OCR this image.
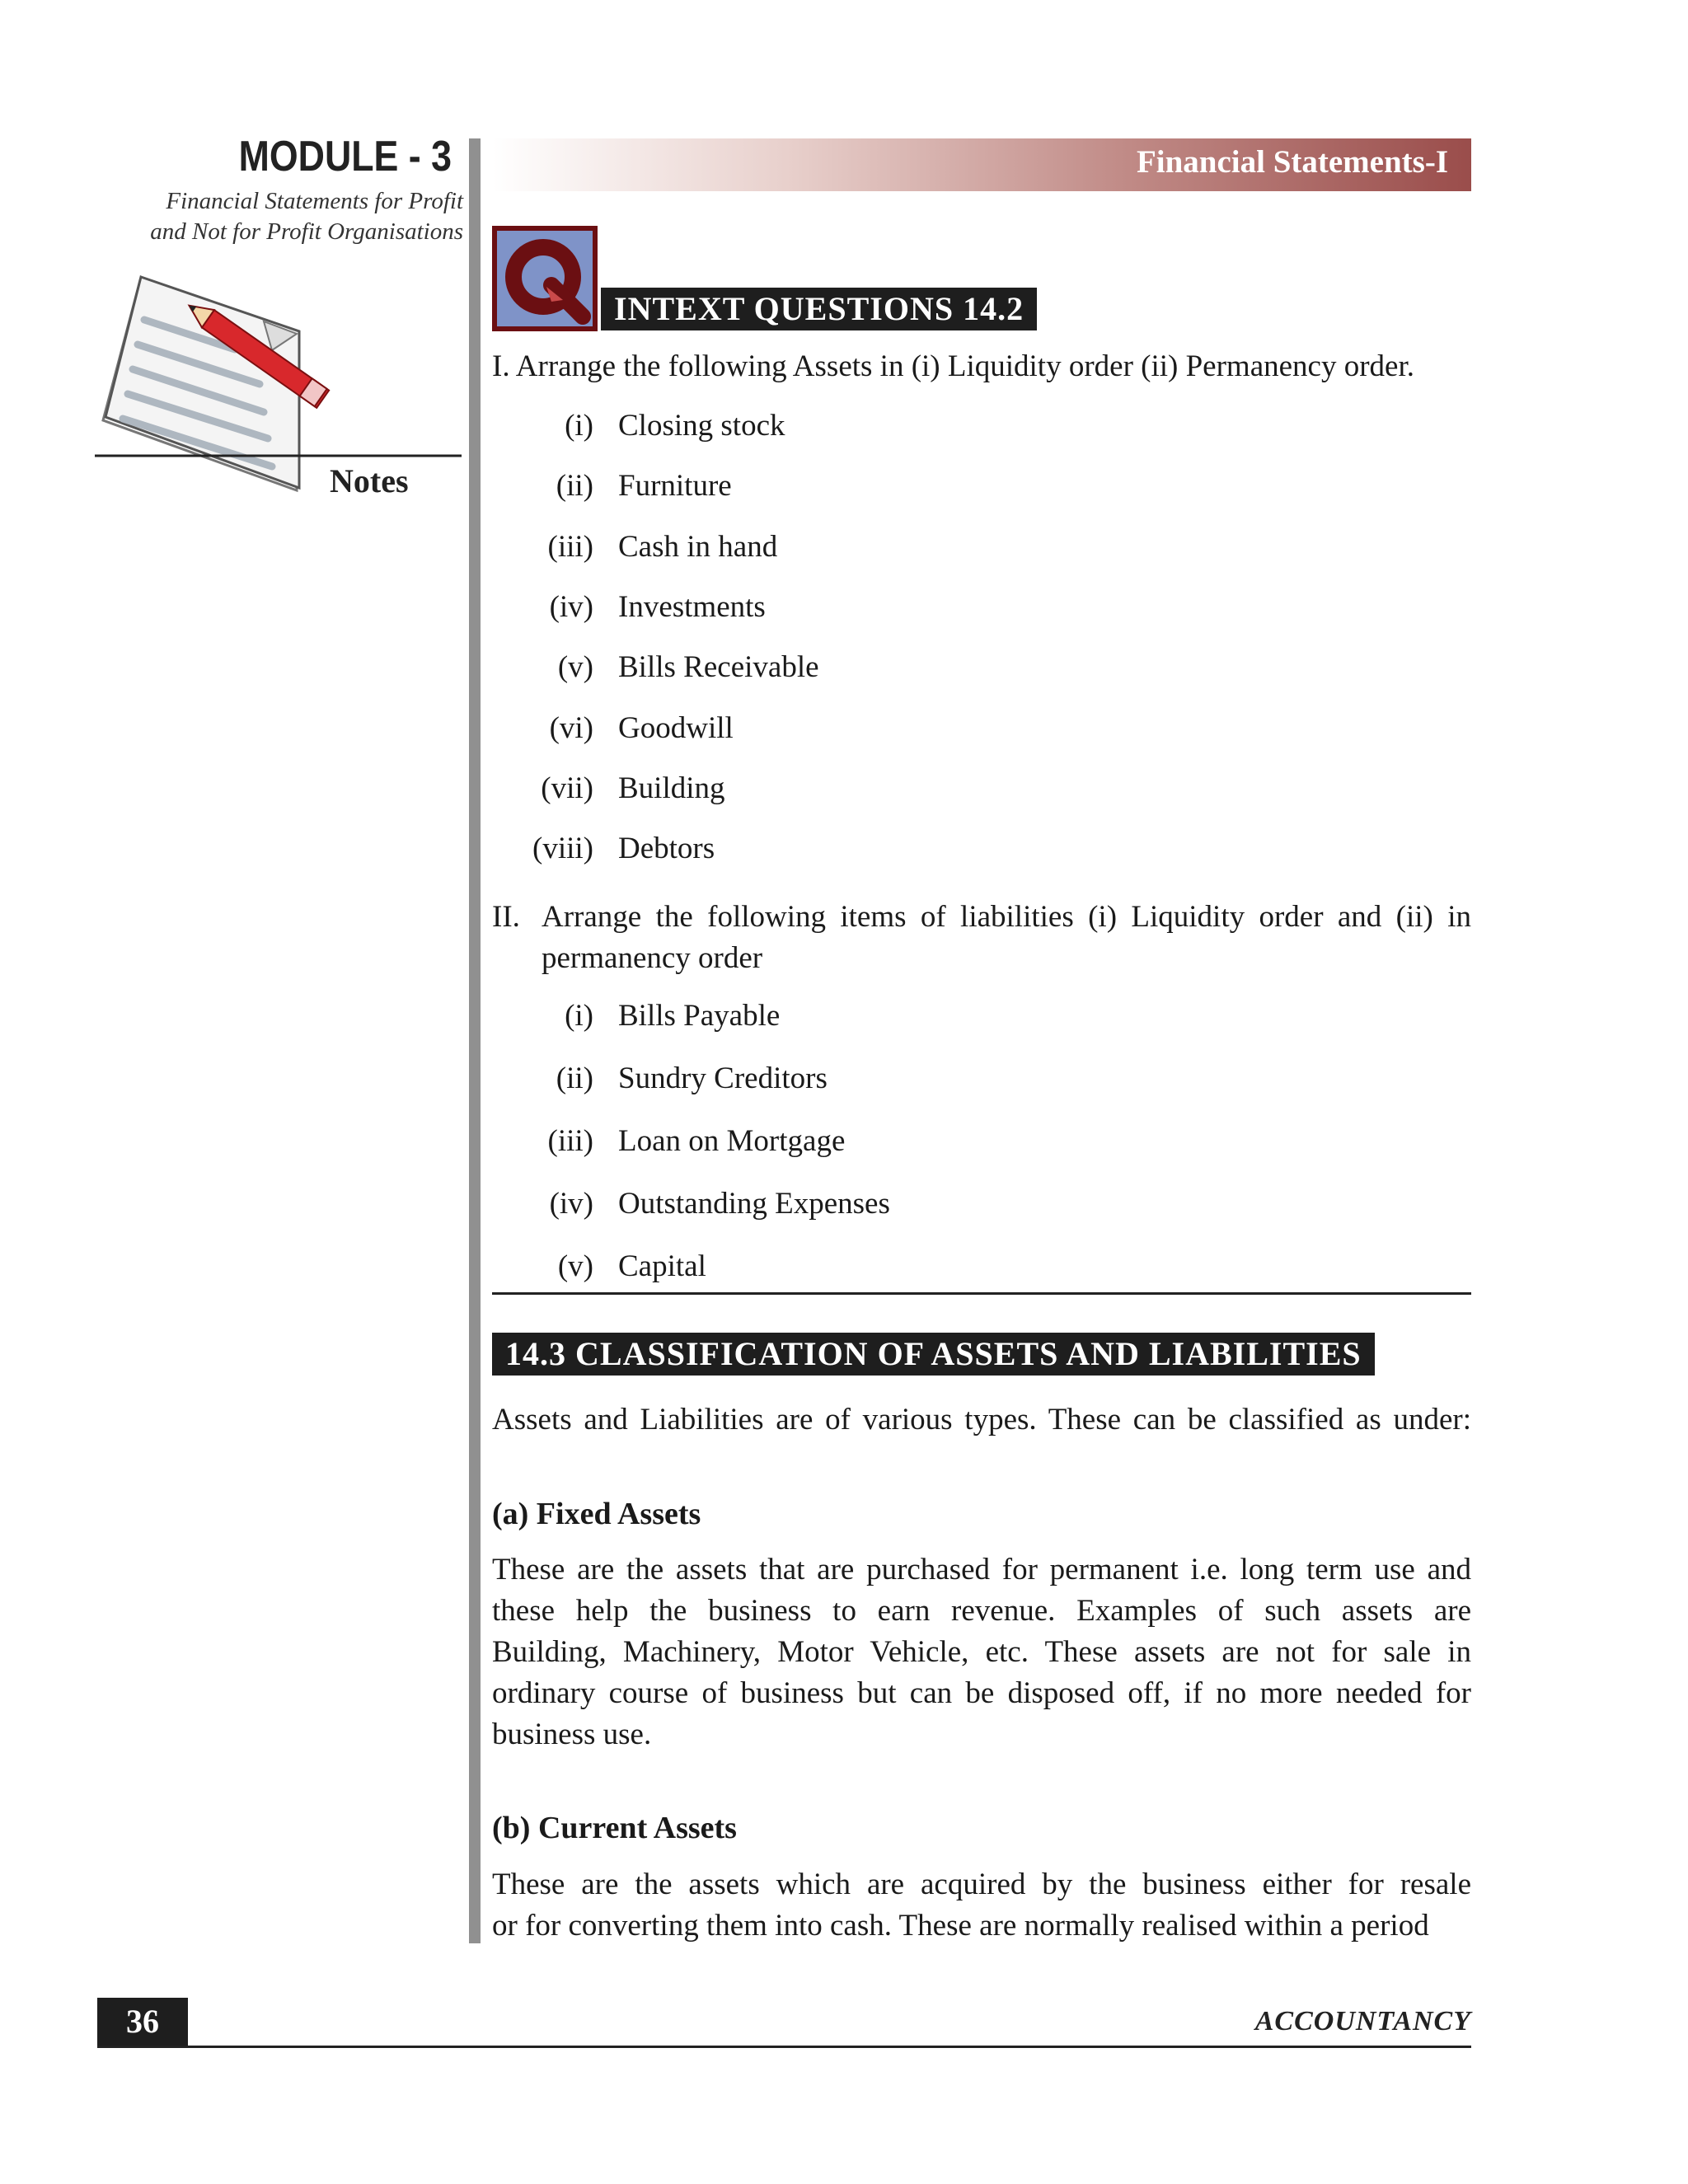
MODULE - 3
Financial Statements for Profit
and Not for Profit Organisations
Notes
Financial Statements-I
INTEXT QUESTIONS 14.2
I. Arrange the following Assets in (i) Liquidity order (ii) Permanency order.
(i) Closing stock
(ii) Furniture
(iii) Cash in hand
(iv) Investments
(v) Bills Receivable
(vi) Goodwill
(vii) Building
(viii) Debtors
II. Arrange the following items of liabilities (i) Liquidity order and (ii) in
permanency order
(i) Bills Payable
(ii) Sundry Creditors
(iii) Loan on Mortgage
(iv) Outstanding Expenses
(v) Capital
14.3 CLASSIFICATION OF ASSETS AND LIABILITIES
Assets and Liabilities are of various types. These can be classified as under:
(a) Fixed Assets
These are the assets that are purchased for permanent i.e. long term use and
these help the business to earn revenue. Examples of such assets are
Building, Machinery, Motor Vehicle, etc. These assets are not for sale in
ordinary course of business but can be disposed off, if no more needed for
business use.
(b) Current Assets
These are the assets which are acquired by the business either for resale
or for converting them into cash. These are normally realised within a period
36	ACCOUNTANCY
